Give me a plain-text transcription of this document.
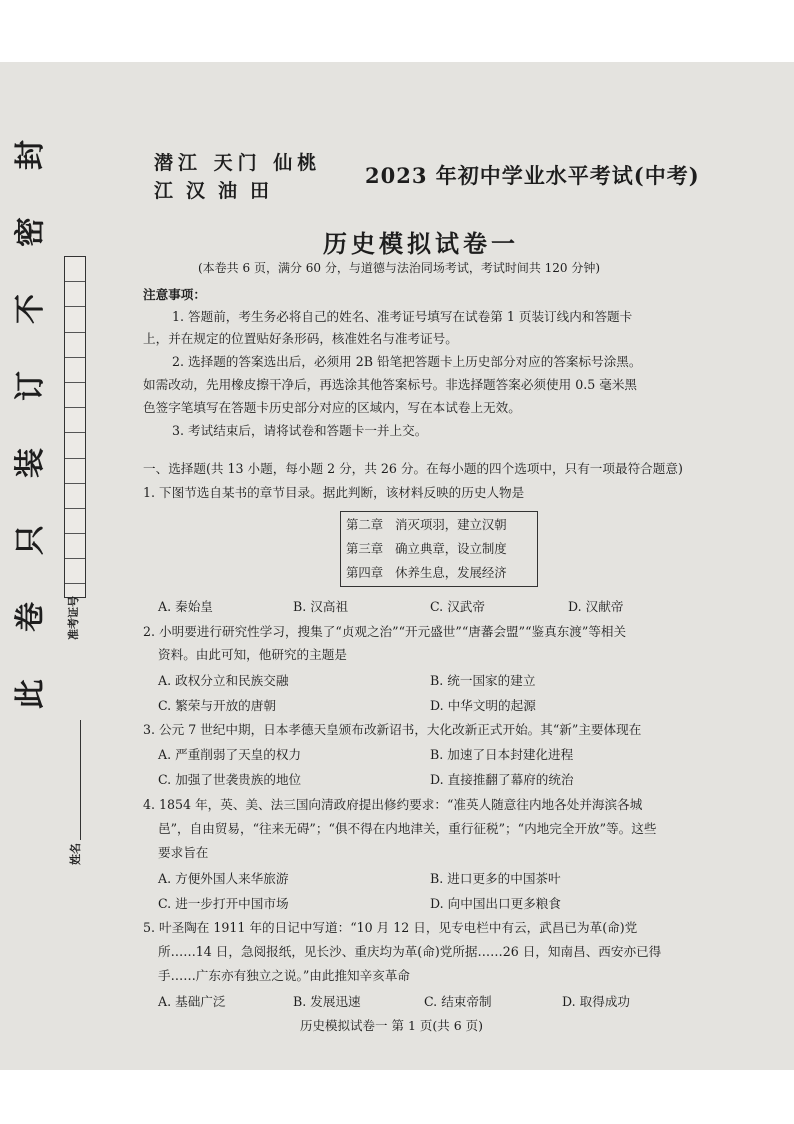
封
密
不
订
装
只
卷
此
准考证号
姓名
潜江 天门 仙桃
江汉油田
2023 年初中学业水平考试(中考)
历史模拟试卷一
(本卷共 6 页，满分 60 分，与道德与法治同场考试，考试时间共 120 分钟)
注意事项：
1. 答题前，考生务必将自己的姓名、准考证号填写在试卷第 1 页装订线内和答题卡
上，并在规定的位置贴好条形码，核准姓名与准考证号。
2. 选择题的答案选出后，必须用 2B 铅笔把答题卡上历史部分对应的答案标号涂黑。
如需改动，先用橡皮擦干净后，再选涂其他答案标号。非选择题答案必须使用 0.5 毫米黑
色签字笔填写在答题卡历史部分对应的区域内，写在本试卷上无效。
3. 考试结束后，请将试卷和答题卡一并上交。
一、选择题(共 13 小题，每小题 2 分，共 26 分。在每小题的四个选项中，只有一项最符合题意)
1. 下图节选自某书的章节目录。据此判断，该材料反映的历史人物是
第二章 消灭项羽，建立汉朝
第三章 确立典章，设立制度
第四章 休养生息，发展经济
A. 秦始皇	B. 汉高祖	C. 汉武帝	D. 汉献帝
2. 小明要进行研究性学习，搜集了“贞观之治”“开元盛世”“唐蕃会盟”“鉴真东渡”等相关
资料。由此可知，他研究的主题是
A. 政权分立和民族交融	B. 统一国家的建立
C. 繁荣与开放的唐朝	D. 中华文明的起源
3. 公元 7 世纪中期，日本孝德天皇颁布改新诏书，大化改新正式开始。其“新”主要体现在
A. 严重削弱了天皇的权力	B. 加速了日本封建化进程
C. 加强了世袭贵族的地位	D. 直接推翻了幕府的统治
4. 1854 年，英、美、法三国向清政府提出修约要求：“准英人随意往内地各处并海滨各城
邑”，自由贸易，“往来无碍”；“俱不得在内地津关，重行征税”；“内地完全开放”等。这些
要求旨在
A. 方便外国人来华旅游	B. 进口更多的中国茶叶
C. 进一步打开中国市场	D. 向中国出口更多粮食
5. 叶圣陶在 1911 年的日记中写道：“10 月 12 日，见专电栏中有云，武昌已为革(命)党
所……14 日，急阅报纸，见长沙、重庆均为革(命)党所据……26 日，知南昌、西安亦已得
手……广东亦有独立之说。”由此推知辛亥革命
A. 基础广泛	B. 发展迅速	C. 结束帝制	D. 取得成功
历史模拟试卷一 第 1 页(共 6 页)
